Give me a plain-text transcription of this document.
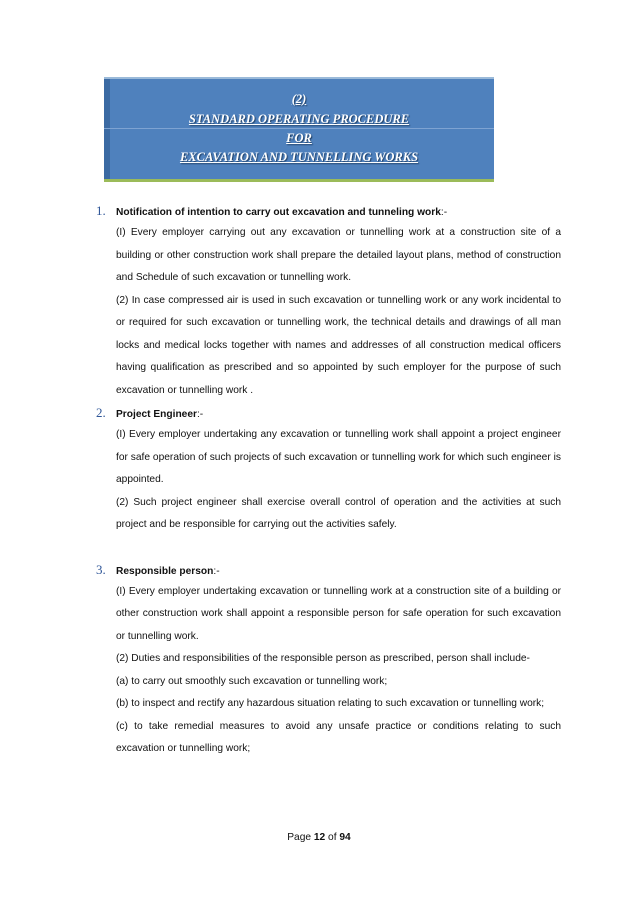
(2)
STANDARD OPERATING PROCEDURE
FOR
EXCAVATION AND TUNNELLING WORKS
1.	Notification of intention to carry out excavation and tunneling work :-
(I) Every employer carrying out any excavation or tunnelling work at a construction site of a building or other construction work shall prepare the detailed layout plans, method of construction and Schedule of such excavation or tunnelling work.
(2) In case compressed air is used in such excavation or tunnelling work or any work incidental to or required for such excavation or tunnelling work, the technical details and drawings of all man locks and medical locks together with names and addresses of all construction medical officers having qualification as prescribed and so appointed by such employer for the purpose of such excavation or tunnelling work .
2.	Project Engineer :-
(I) Every employer undertaking any excavation or tunnelling work shall appoint a project engineer for safe operation of such projects of such excavation or tunnelling work for which such engineer is appointed.
(2) Such project engineer shall exercise overall control of operation and the activities at such project and be responsible for carrying out the activities safely.
3.	Responsible person :-
(I) Every employer undertaking excavation or tunnelling work at a construction site of a building or other construction work shall appoint a responsible person for safe operation for such excavation or tunnelling work.
(2) Duties and responsibilities of the responsible person as prescribed, person shall include-
(a) to carry out smoothly such excavation or tunnelling work;
(b) to inspect and rectify any hazardous situation relating to such excavation or tunnelling work;
(c) to take remedial measures to avoid any unsafe practice or conditions relating to such excavation or tunnelling work;
Page 12 of 94
